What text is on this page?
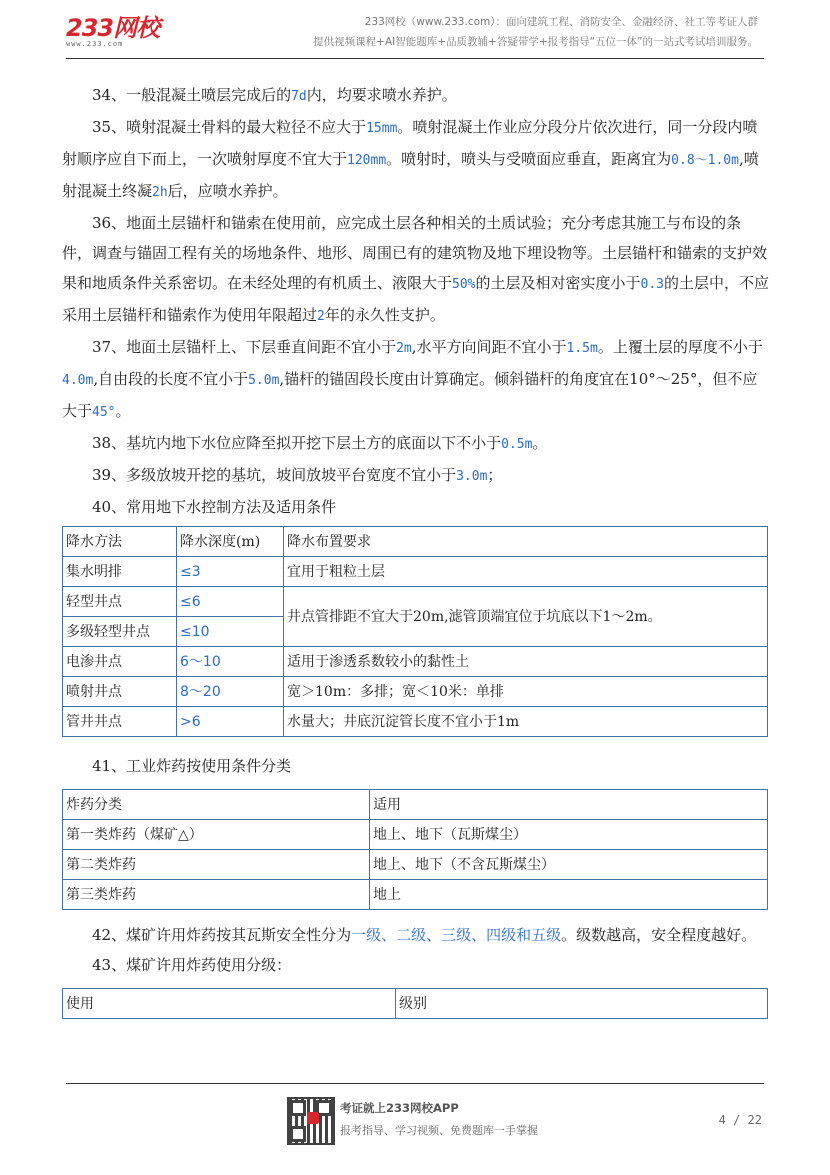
233网校
www.233.com
233网校（www.233.com）：面向建筑工程、消防安全、金融经济、社工等考证人群
提供视频课程+AI智能题库+品质教辅+答疑带学+报考指导“五位一体”的一站式考试培训服务。

34、一般混凝土喷层完成后的7d内，均要求喷水养护。

35、喷射混凝土骨料的最大粒径不应大于15mm。喷射混凝土作业应分段分片依次进行，同一分段内喷射顺序应自下而上，一次喷射厚度不宜大于120mm。喷射时，喷头与受喷面应垂直，距离宜为0.8～1.0m,喷射混凝土终凝2h后，应喷水养护。

36、地面土层锚杆和锚索在使用前，应完成土层各种相关的土质试验；充分考虑其施工与布设的条件，调查与锚固工程有关的场地条件、地形、周围已有的建筑物及地下埋设物等。土层锚杆和锚索的支护效果和地质条件关系密切。在未经处理的有机质土、液限大于50%的土层及相对密实度小于0.3的土层中，不应采用土层锚杆和锚索作为使用年限超过2年的永久性支护。

37、地面土层锚杆上、下层垂直间距不宜小于2m,水平方向间距不宜小于1.5m。上覆土层的厚度不小于4.0m,自由段的长度不宜小于5.0m,锚杆的锚固段长度由计算确定。倾斜锚杆的角度宜在10°～25°，但不应大于45°。

38、基坑内地下水位应降至拟开挖下层土方的底面以下不小于0.5m。

39、多级放坡开挖的基坑，坡间放坡平台宽度不宜小于3.0m；

40、常用地下水控制方法及适用条件

降水方法	降水深度(m)	降水布置要求
集水明排	≤3	宜用于粗粒土层
轻型井点	≤6	井点管排距不宜大于20m,滤管顶端宜位于坑底以下1～2m。
多级轻型井点	≤10	
电渗井点	6～10	适用于渗透系数较小的黏性土
喷射井点	8～20	宽＞10m：多排；宽＜10米：单排
管井井点	>6	水量大；井底沉淀管长度不宜小于1m

41、工业炸药按使用条件分类

炸药分类	适用
第一类炸药（煤矿△）	地上、地下（瓦斯煤尘）
第二类炸药	地上、地下（不含瓦斯煤尘）
第三类炸药	地上

42、煤矿许用炸药按其瓦斯安全性分为一级、二级、三级、四级和五级。级数越高，安全程度越好。

43、煤矿许用炸药使用分级：

使用	级别
考证就上233网校APP
报考指导、学习视频、免费题库一手掌握
4 / 22
